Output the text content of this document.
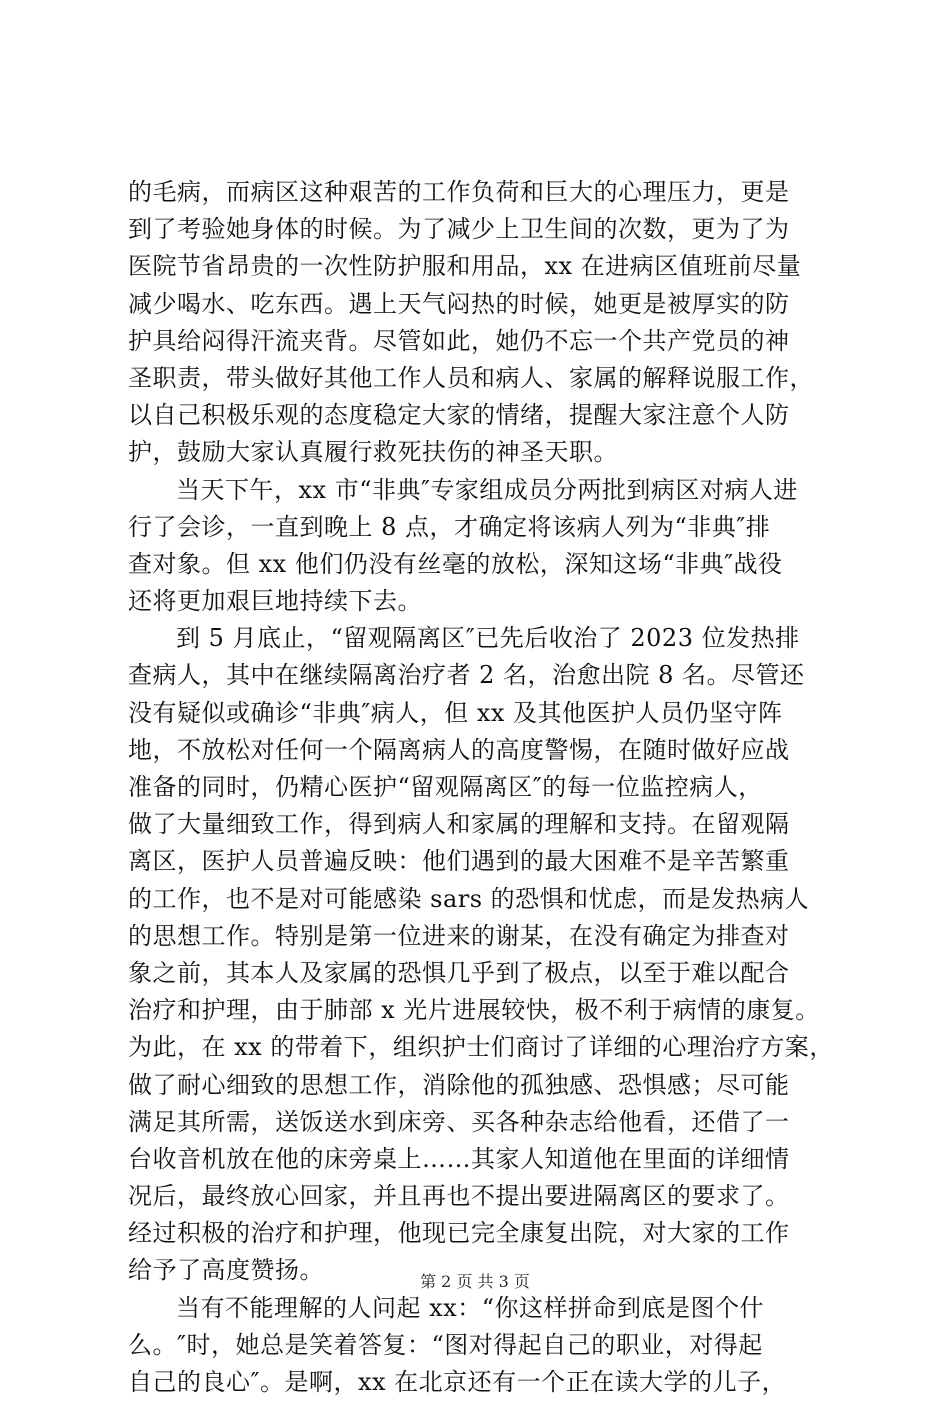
的毛病，而病区这种艰苦的工作负荷和巨大的心理压力，更是
到了考验她身体的时候。为了减少上卫生间的次数，更为了为
医院节省昂贵的一次性防护服和用品，xx 在进病区值班前尽量
减少喝水、吃东西。遇上天气闷热的时候，她更是被厚实的防
护具给闷得汗流夹背。尽管如此，她仍不忘一个共产党员的神
圣职责，带头做好其他工作人员和病人、家属的解释说服工作，
以自己积极乐观的态度稳定大家的情绪，提醒大家注意个人防
护，鼓励大家认真履行救死扶伤的神圣天职。
当天下午，xx 市“非典″专家组成员分两批到病区对病人进
行了会诊，一直到晚上 8 点，才确定将该病人列为“非典″排
查对象。但 xx 他们仍没有丝毫的放松，深知这场“非典″战役
还将更加艰巨地持续下去。
到 5 月底止，“留观隔离区″已先后收治了 2023 位发热排
查病人，其中在继续隔离治疗者 2 名，治愈出院 8 名。尽管还
没有疑似或确诊“非典″病人，但 xx 及其他医护人员仍坚守阵
地，不放松对任何一个隔离病人的高度警惕，在随时做好应战
准备的同时，仍精心医护“留观隔离区″的每一位监控病人，
做了大量细致工作，得到病人和家属的理解和支持。在留观隔
离区，医护人员普遍反映：他们遇到的最大困难不是辛苦繁重
的工作，也不是对可能感染 sars 的恐惧和忧虑，而是发热病人
的思想工作。特别是第一位进来的谢某，在没有确定为排查对
象之前，其本人及家属的恐惧几乎到了极点，以至于难以配合
治疗和护理，由于肺部 x 光片进展较快，极不利于病情的康复。
为此，在 xx 的带着下，组织护士们商讨了详细的心理治疗方案，
做了耐心细致的思想工作，消除他的孤独感、恐惧感；尽可能
满足其所需，送饭送水到床旁、买各种杂志给他看，还借了一
台收音机放在他的床旁桌上……其家人知道他在里面的详细情
况后，最终放心回家，并且再也不提出要进隔离区的要求了。
经过积极的治疗和护理，他现已完全康复出院，对大家的工作
给予了高度赞扬。
当有不能理解的人问起 xx：“你这样拼命到底是图个什
么。″时，她总是笑着答复：“图对得起自己的职业，对得起
自己的良心″。是啊，xx 在北京还有一个正在读大学的儿子，
第 2 页 共 3 页
